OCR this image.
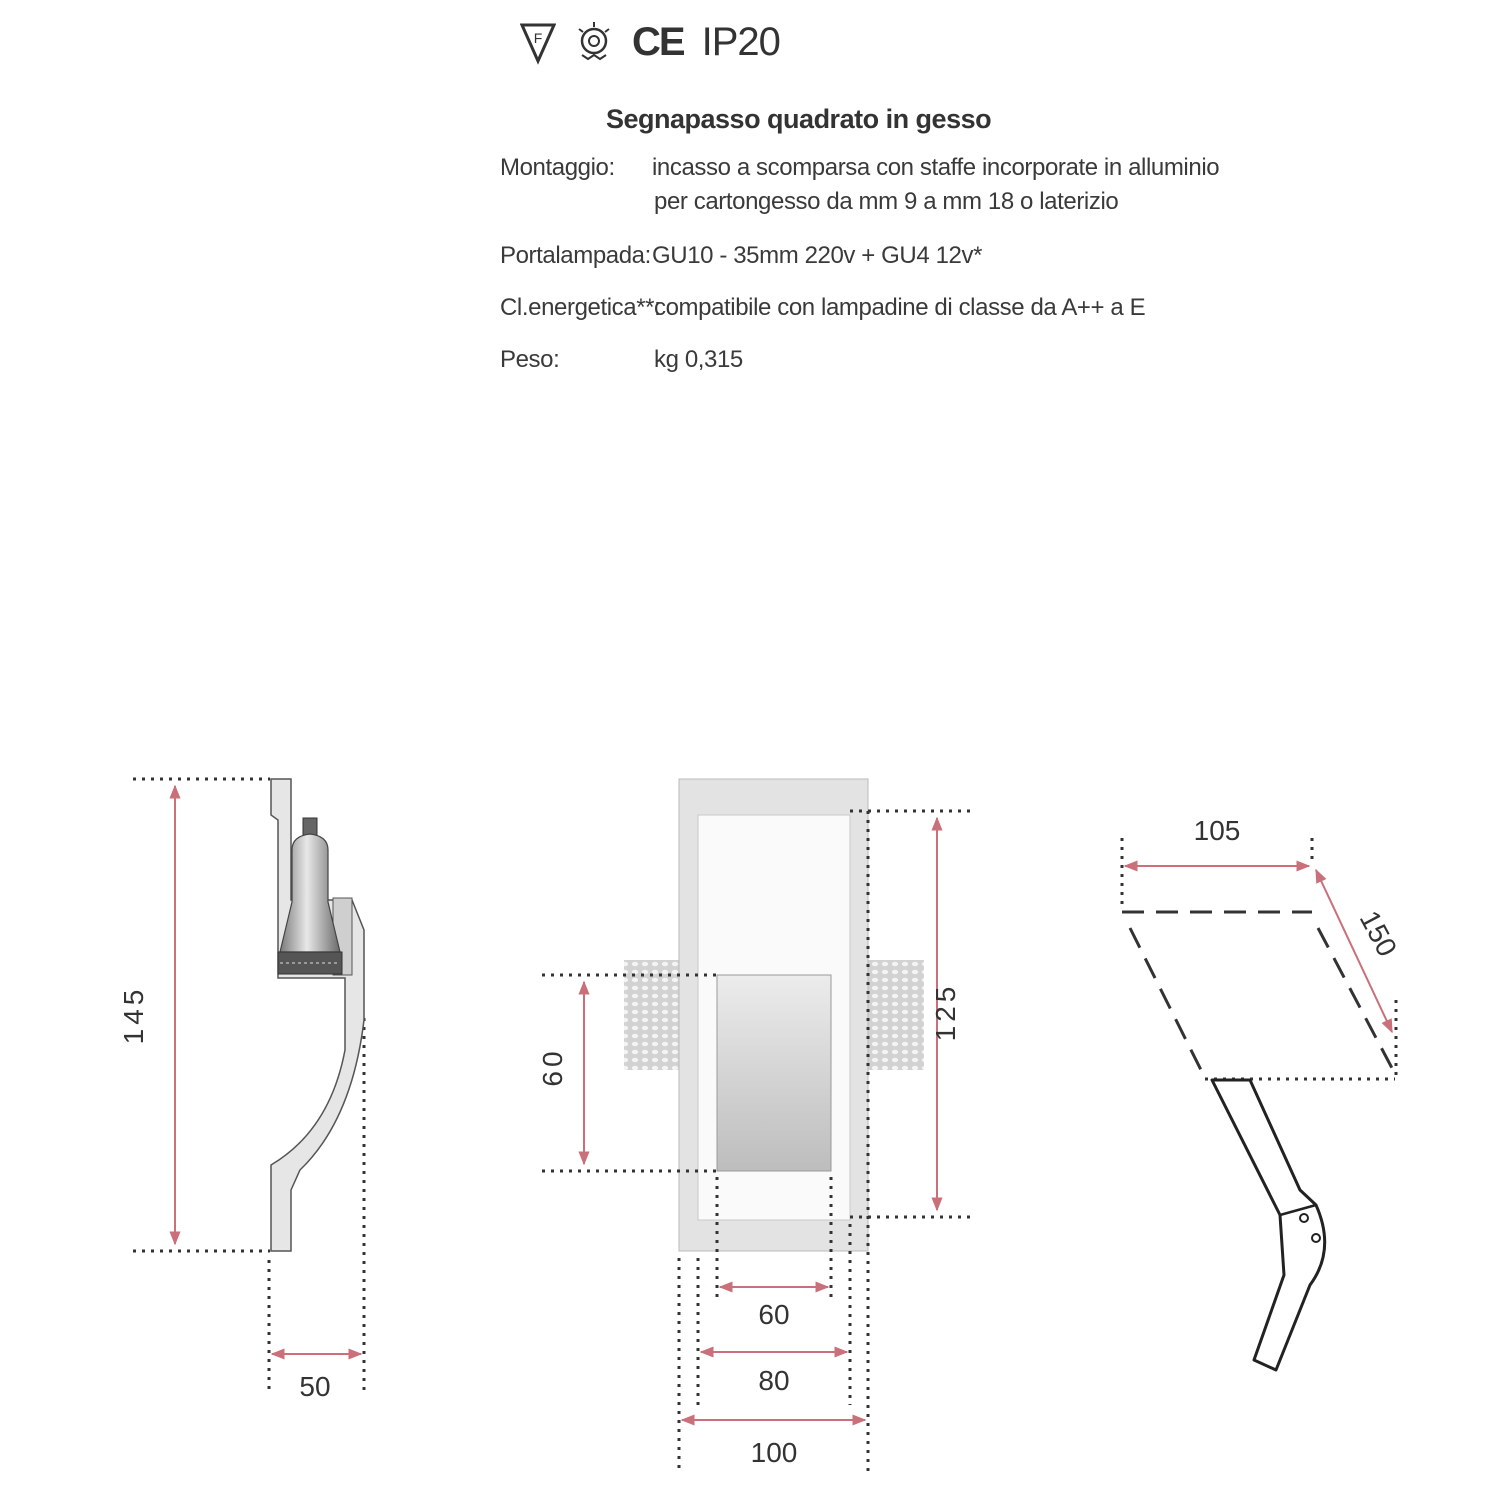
F CE IP20
Segnapasso quadrato in gesso
Montaggio: incasso a scomparsa con staffe incorporate in alluminio
per cartongesso da mm 9 a mm 18 o laterizio
Portalampada: GU10 - 35mm 220v + GU4 12v*
Cl.energetica**:
compatibile con lampadine di classe da A++ a E
Peso:	kg 0,315
145
50
125
60
60
80
100
105
150
